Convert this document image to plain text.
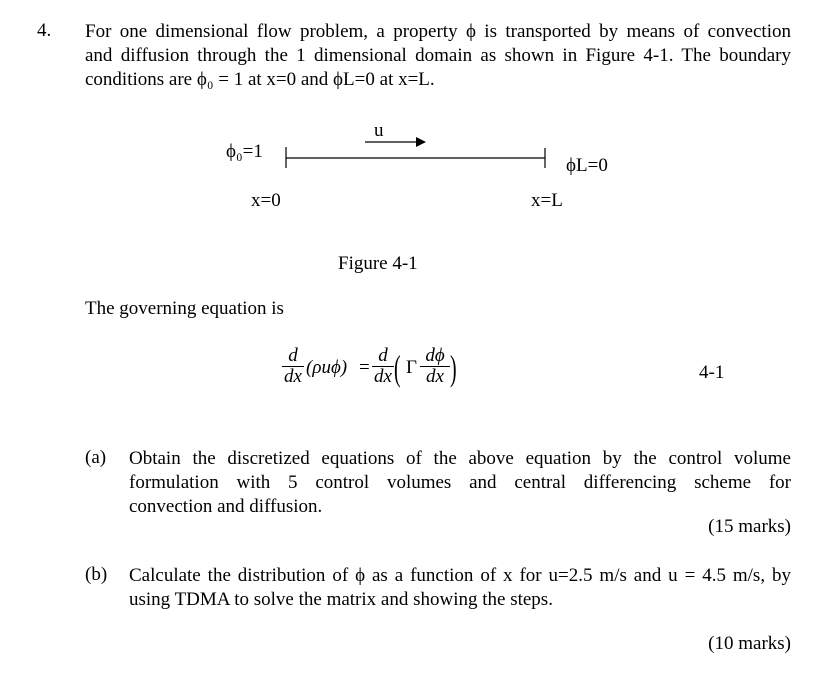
4. For one dimensional flow problem, a property ϕ is transported by means of convection
and diffusion through the 1 dimensional domain as shown in Figure 4-1. The boundary
conditions are ϕ₀ = 1 at x=0 and ϕL=0 at x=L.
u
ϕ₀=1
ϕL=0
x=0	x=L
Figure 4-1
The governing equation is
$\frac{d}{dx} (\rho u\phi) = \frac{d}{dx}$ ( Γ $\frac{d\phi}{dx}$ )	4-1
(a) Obtain the discretized equations of the above equation by the control volume
formulation with 5 control volumes and central differencing scheme for
convection and diffusion.
(15 marks)
(b) Calculate the distribution of ϕ as a function of x for u=2.5 m/s and u = 4.5 m/s, by
using TDMA to solve the matrix and showing the steps.
(10 marks)
